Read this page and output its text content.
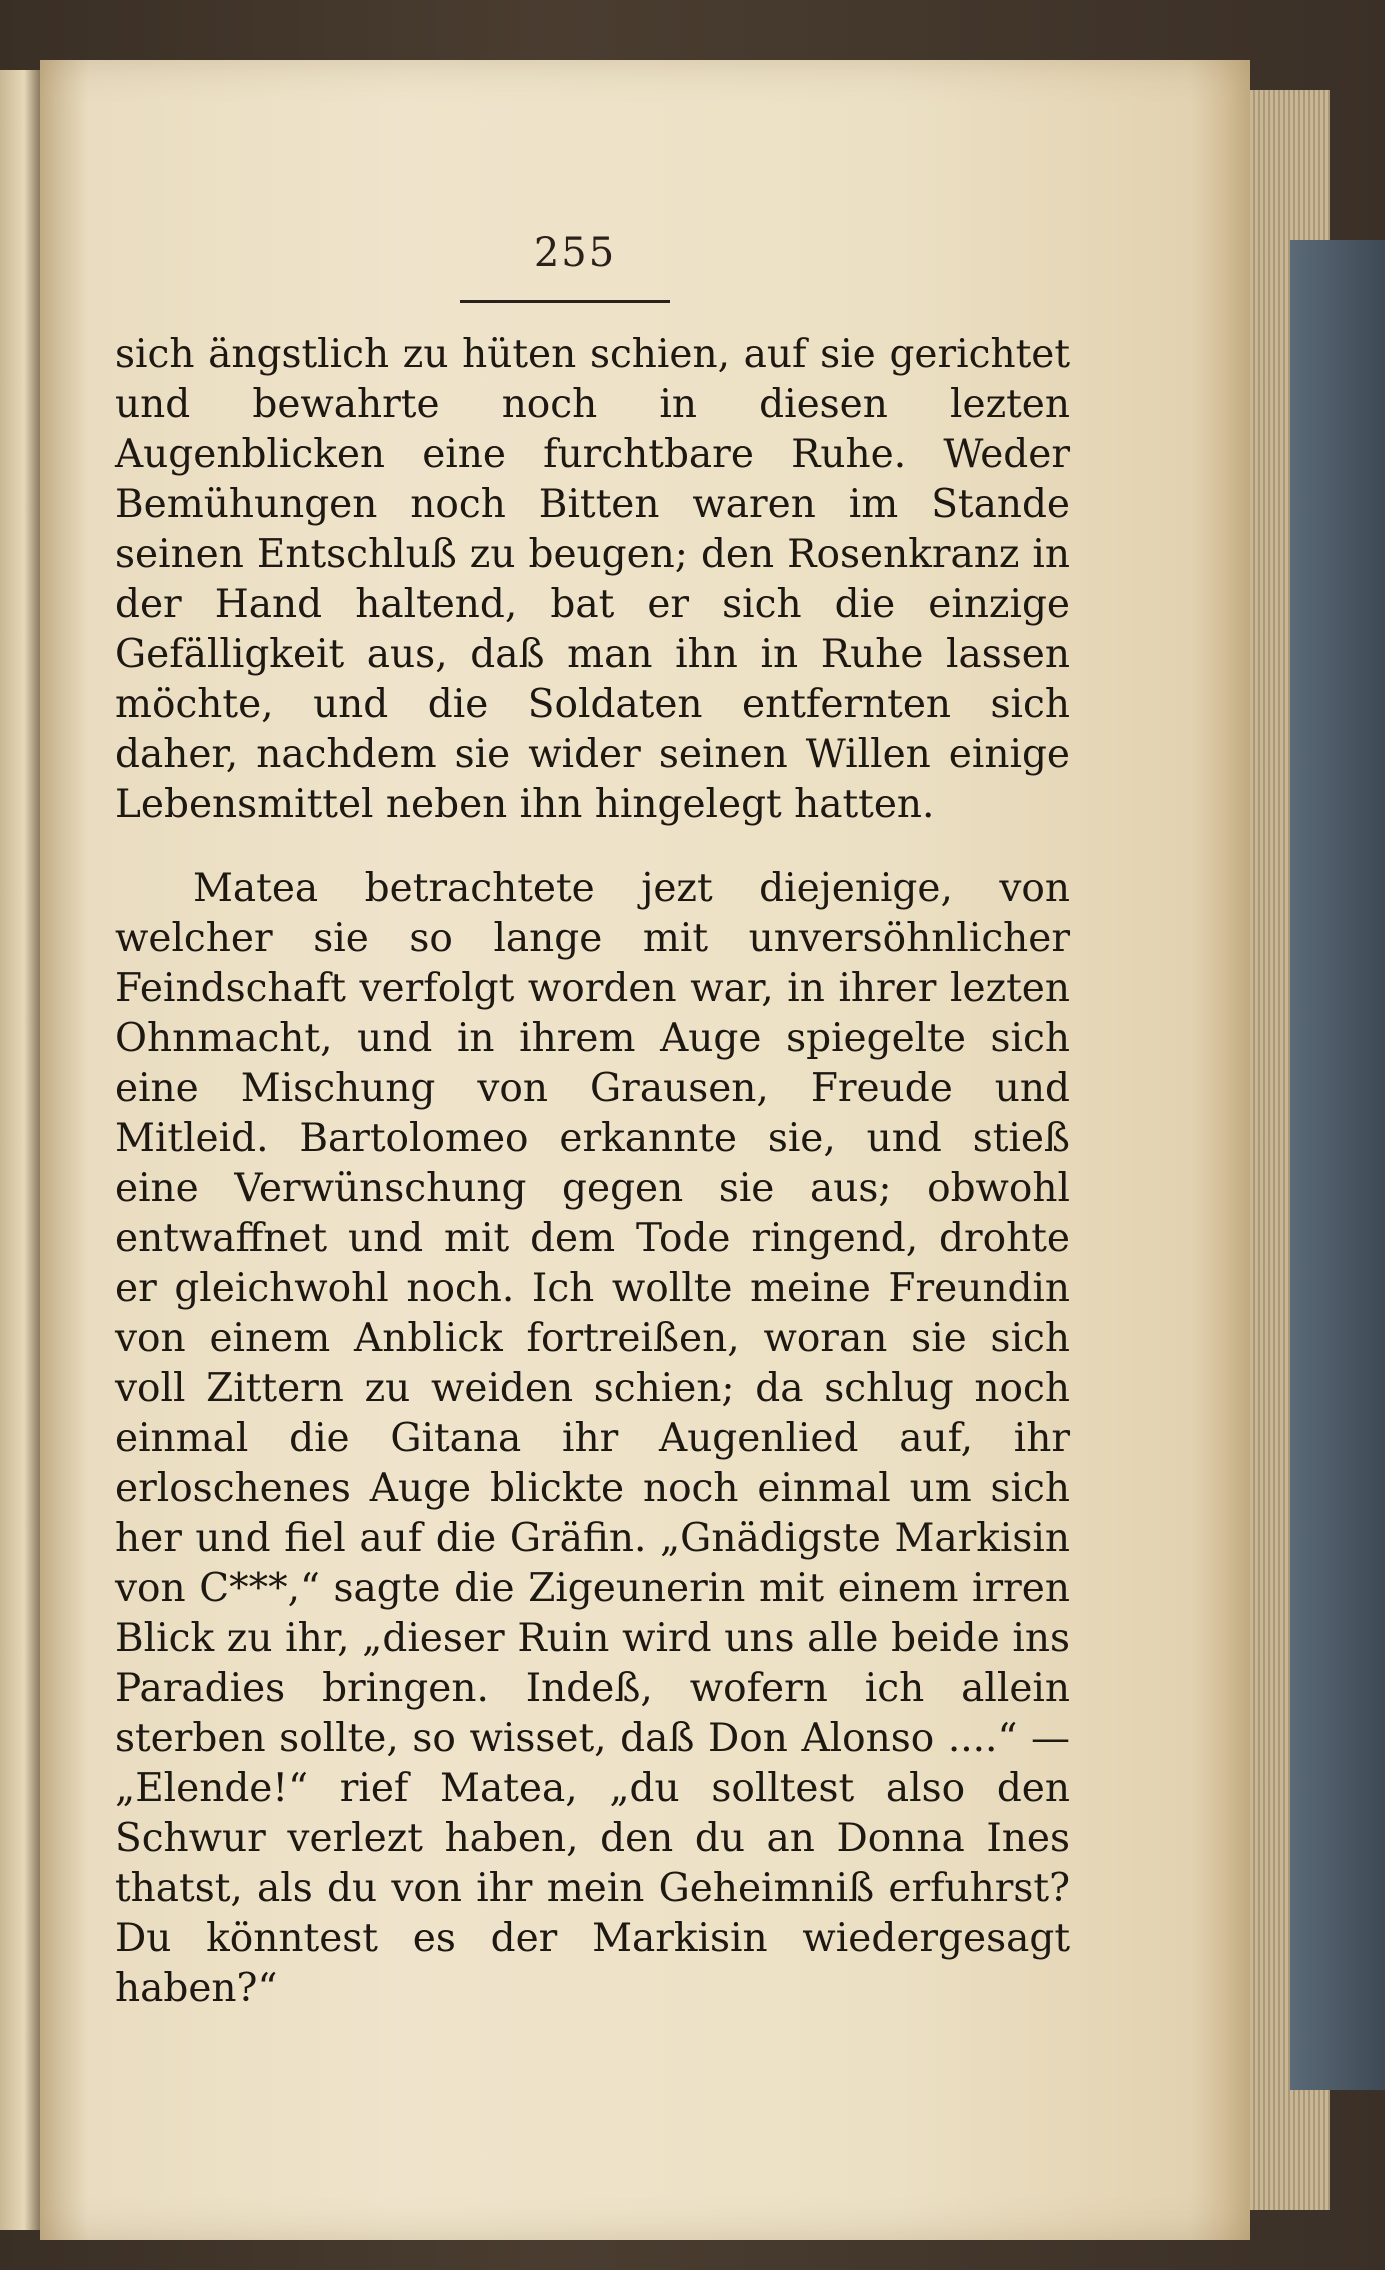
255

sich ängstlich zu hüten schien, auf sie gerichtet und bewahrte noch in diesen lezten Augenblicken eine furchtbare Ruhe. Weder Bemühungen noch Bitten waren im Stande seinen Entschluß zu beugen; den Rosenkranz in der Hand haltend, bat er sich die einzige Gefälligkeit aus, daß man ihn in Ruhe lassen möchte, und die Soldaten entfernten sich daher, nachdem sie wider seinen Willen einige Lebensmittel neben ihn hingelegt hatten.

Matea betrachtete jezt diejenige, von welcher sie so lange mit unversöhnlicher Feindschaft verfolgt worden war, in ihrer lezten Ohnmacht, und in ihrem Auge spiegelte sich eine Mischung von Grausen, Freude und Mitleid. Bartolomeo erkannte sie, und stieß eine Verwünschung gegen sie aus; obwohl entwaffnet und mit dem Tode ringend, drohte er gleichwohl noch. Ich wollte meine Freundin von einem Anblick fortreißen, woran sie sich voll Zittern zu weiden schien; da schlug noch einmal die Gitana ihr Augenlied auf, ihr erloschenes Auge blickte noch einmal um sich her und fiel auf die Gräfin. „Gnädigste Markisin von C***,“ sagte die Zigeunerin mit einem irren Blick zu ihr, „dieser Ruin wird uns alle beide ins Paradies bringen. Indeß, wofern ich allein sterben sollte, so wisset, daß Don Alonso ....“ — „Elende!“ rief Matea, „du solltest also den Schwur verlezt haben, den du an Donna Ines thatst, als du von ihr mein Geheimniß erfuhrst? Du könntest es der Markisin wiedergesagt haben?“
